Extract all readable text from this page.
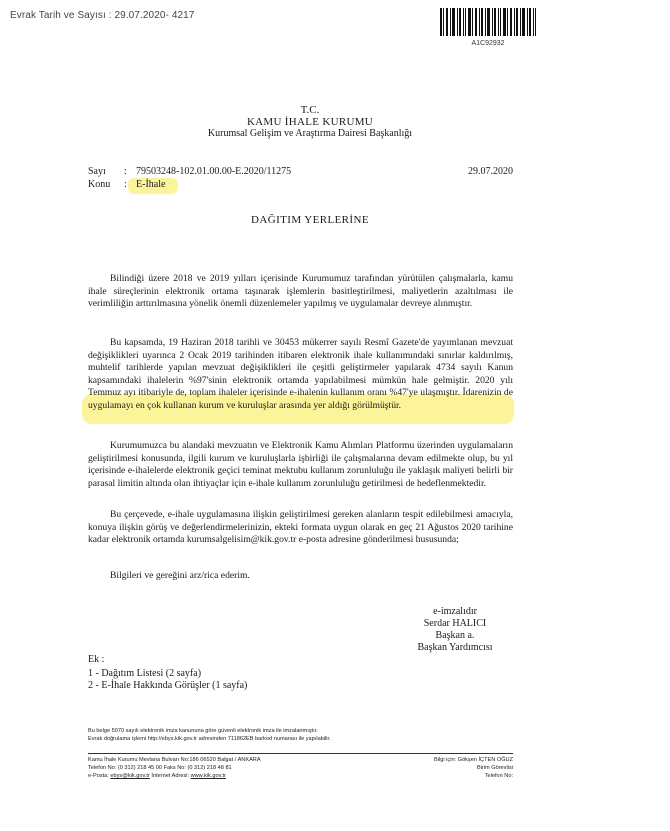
Evrak Tarih ve Sayısı : 29.07.2020- 4217
A1C92932
T.C.
KAMU İHALE KURUMU
Kurumsal Gelişim ve Araştırma Dairesi Başkanlığı
Sayı : 79503248-102.01.00.00-E.2020/11275	29.07.2020
Konu : E-İhale
DAĞITIM YERLERİNE

Bilindiği üzere 2018 ve 2019 yılları içerisinde Kurumumuz tarafından yürütülen çalışmalarla, kamu ihale süreçlerinin elektronik ortama taşınarak işlemlerin basitleştirilmesi, maliyetlerin azaltılması ile verimliliğin arttırılmasına yönelik önemli düzenlemeler yapılmış ve uygulamalar devreye alınmıştır.

Bu kapsamda, 19 Haziran 2018 tarihli ve 30453 mükerrer sayılı Resmî Gazete'de yayımlanan mevzuat değişiklikleri uyarınca 2 Ocak 2019 tarihinden itibaren elektronik ihale kullanımındaki sınırlar kaldırılmış, muhtelif tarihlerde yapılan mevzuat değişiklikleri ile çeşitli geliştirmeler yapılarak 4734 sayılı Kanun kapsamındaki ihalelerin %97'sinin elektronik ortamda yapılabilmesi mümkün hale gelmiştir. 2020 yılı Temmuz ayı itibariyle de, toplam ihaleler içerisinde e-ihalenin kullanım oranı %47'ye ulaşmıştır. İdarenizin de uygulamayı en çok kullanan kurum ve kuruluşlar arasında yer aldığı görülmüştür.

Kurumumuzca bu alandaki mevzuatın ve Elektronik Kamu Alımları Platformu üzerinden uygulamaların geliştirilmesi konusunda, ilgili kurum ve kuruluşlarla işbirliği ile çalışmalarına devam edilmekte olup, bu yıl içerisinde e-ihalelerde elektronik geçici teminat mektubu kullanım zorunluluğu ile yaklaşık maliyeti belirli bir parasal limitin altında olan ihtiyaçlar için e-ihale kullanım zorunluluğu getirilmesi de hedeflenmektedir.

Bu çerçevede, e-ihale uygulamasına ilişkin geliştirilmesi gereken alanların tespit edilebilmesi amacıyla, konuya ilişkin görüş ve değerlendirmelerinizin, ekteki formata uygun olarak en geç 21 Ağustos 2020 tarihine kadar elektronik ortamda kurumsalgelisim@kik.gov.tr e-posta adresine gönderilmesi hususunda;

Bilgileri ve gereğini arz/rica ederim.

e-imzalıdır
Serdar HALICI
Başkan a.
Başkan Yardımcısı
Ek :
1 - Dağıtım Listesi (2 sayfa)
2 - E-İhale Hakkında Görüşler (1 sayfa)
Bu belge 5070 sayılı elektronik imza kanununa göre güvenli elektronik imza ile imzalanmıştır.
Evrak doğrulama işlemi http://ebys.kik.gov.tr adresinden 711862EB barkod numarası ile yapılabilir.
Kamu İhale Kurumu Mevlana Bulvarı No:186 06520 Balgat / ANKARA
Telefon No: (0 312) 218 45 00 Faks No: (0 312) 218 48 81
e-Posta: ebys@kik.gov.tr İnternet Adresi: www.kik.gov.tr
Bilgi için: Gökşen İÇTEN OĞUZ
Birim Görevlisi
Telefon No:
